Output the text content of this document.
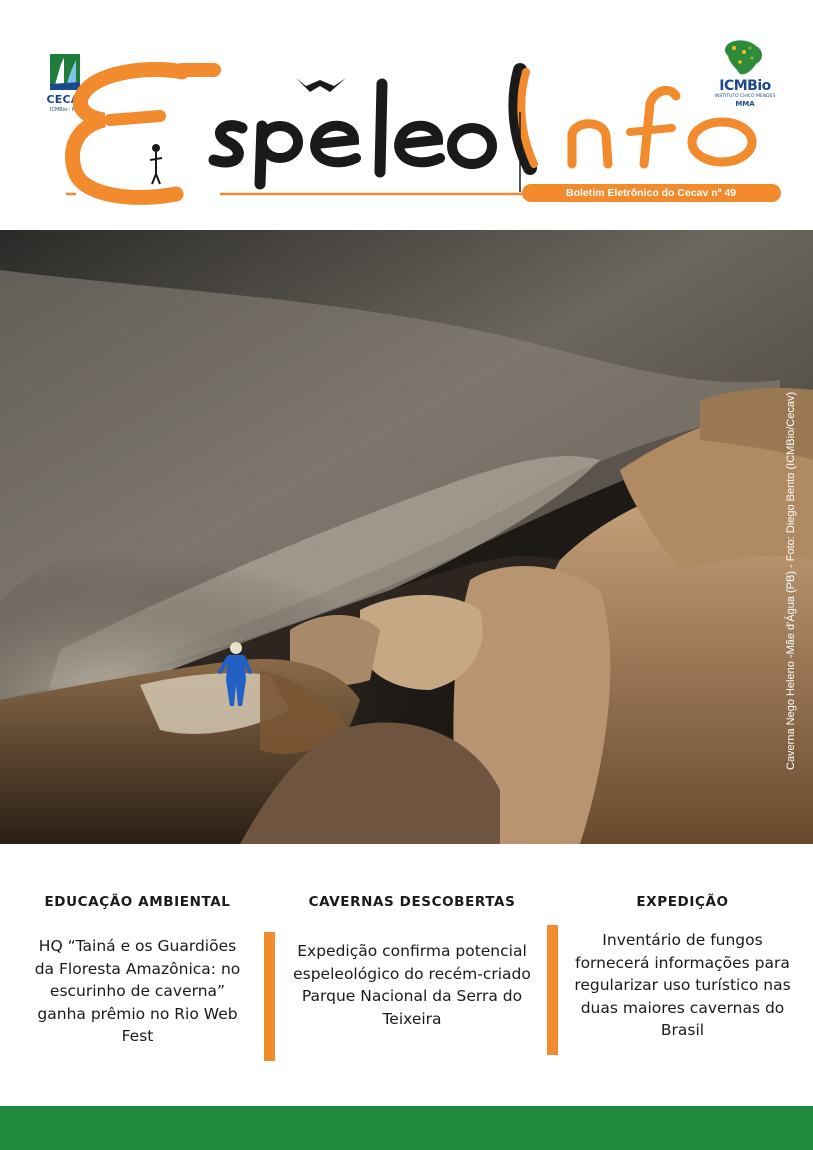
CECAV
ICMBio · MMA
ICMBio
INSTITUTO CHICO MENDES
MMA
Boletim Eletrônico do Cecav nº 49
Caverna Nego Heleno -Mãe d'Água (PB) - Foto: Diego Bento (ICMBio/Cecav)
EDUCAÇÃO AMBIENTAL
HQ “Tainá e os Guardiões da Floresta Amazônica: no escurinho de caverna” ganha prêmio no Rio Web Fest
CAVERNAS DESCOBERTAS
Expedição confirma potencial espeleológico do recém-criado Parque Nacional da Serra do Teixeira
EXPEDIÇÃO
Inventário de fungos fornecerá informações para regularizar uso turístico nas duas maiores cavernas do Brasil
